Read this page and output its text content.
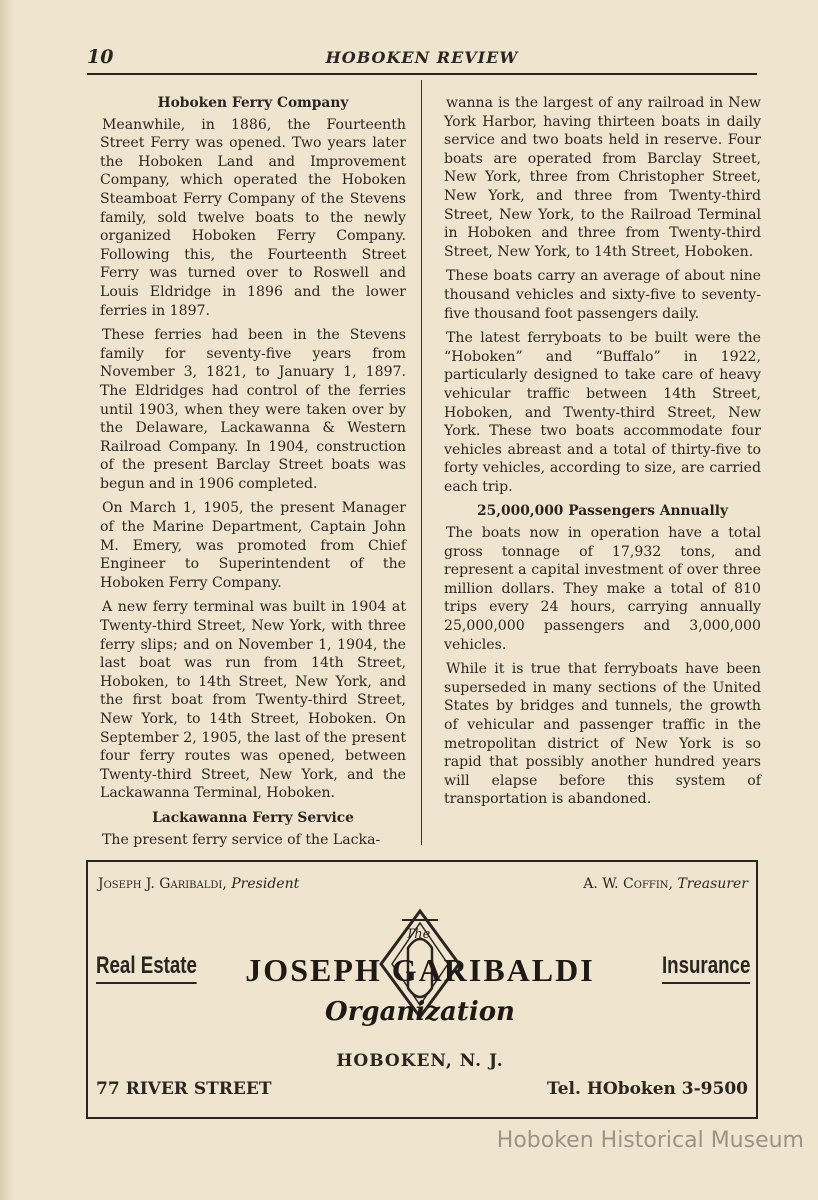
10	HOBOKEN REVIEW
Hoboken Ferry Company

Meanwhile, in 1886, the Fourteenth Street Ferry was opened. Two years later the Hoboken Land and Improvement Company, which operated the Hoboken Steamboat Ferry Company of the Stevens family, sold twelve boats to the newly organized Hoboken Ferry Company. Following this, the Fourteenth Street Ferry was turned over to Roswell and Louis Eldridge in 1896 and the lower ferries in 1897.

These ferries had been in the Stevens family for seventy-five years from November 3, 1821, to January 1, 1897. The Eldridges had control of the ferries until 1903, when they were taken over by the Delaware, Lackawanna & Western Railroad Company. In 1904, construction of the present Barclay Street boats was begun and in 1906 completed.

On March 1, 1905, the present Manager of the Marine Department, Captain John M. Emery, was promoted from Chief Engineer to Superintendent of the Hoboken Ferry Company.

A new ferry terminal was built in 1904 at Twenty-third Street, New York, with three ferry slips; and on November 1, 1904, the last boat was run from 14th Street, Hoboken, to 14th Street, New York, and the first boat from Twenty-third Street, New York, to 14th Street, Hoboken. On September 2, 1905, the last of the present four ferry routes was opened, between Twenty-third Street, New York, and the Lackawanna Terminal, Hoboken.

Lackawanna Ferry Service

The present ferry service of the Lacka-

wanna is the largest of any railroad in New York Harbor, having thirteen boats in daily service and two boats held in reserve. Four boats are operated from Barclay Street, New York, three from Christopher Street, New York, and three from Twenty-third Street, New York, to the Railroad Terminal in Hoboken and three from Twenty-third Street, New York, to 14th Street, Hoboken.

These boats carry an average of about nine thousand vehicles and sixty-five to seventy-five thousand foot passengers daily.

The latest ferryboats to be built were the “Hoboken” and “Buffalo” in 1922, particularly designed to take care of heavy vehicular traffic between 14th Street, Hoboken, and Twenty-third Street, New York. These two boats accommodate four vehicles abreast and a total of thirty-five to forty vehicles, according to size, are carried each trip.

25,000,000 Passengers Annually

The boats now in operation have a total gross tonnage of 17,932 tons, and represent a capital investment of over three million dollars. They make a total of 810 trips every 24 hours, carrying annually 25,000,000 passengers and 3,000,000 vehicles.

While it is true that ferryboats have been superseded in many sections of the United States by bridges and tunnels, the growth of vehicular and passenger traffic in the metropolitan district of New York is so rapid that possibly another hundred years will elapse before this system of transportation is abandoned.

Joseph J. Garibaldi, President	A. W. Coffin, Treasurer
Real Estate	Insurance
The
JOSEPH GARIBALDI
Organization
HOBOKEN, N. J.
77 RIVER STREET	Tel. HOboken 3-9500
Hoboken Historical Museum
